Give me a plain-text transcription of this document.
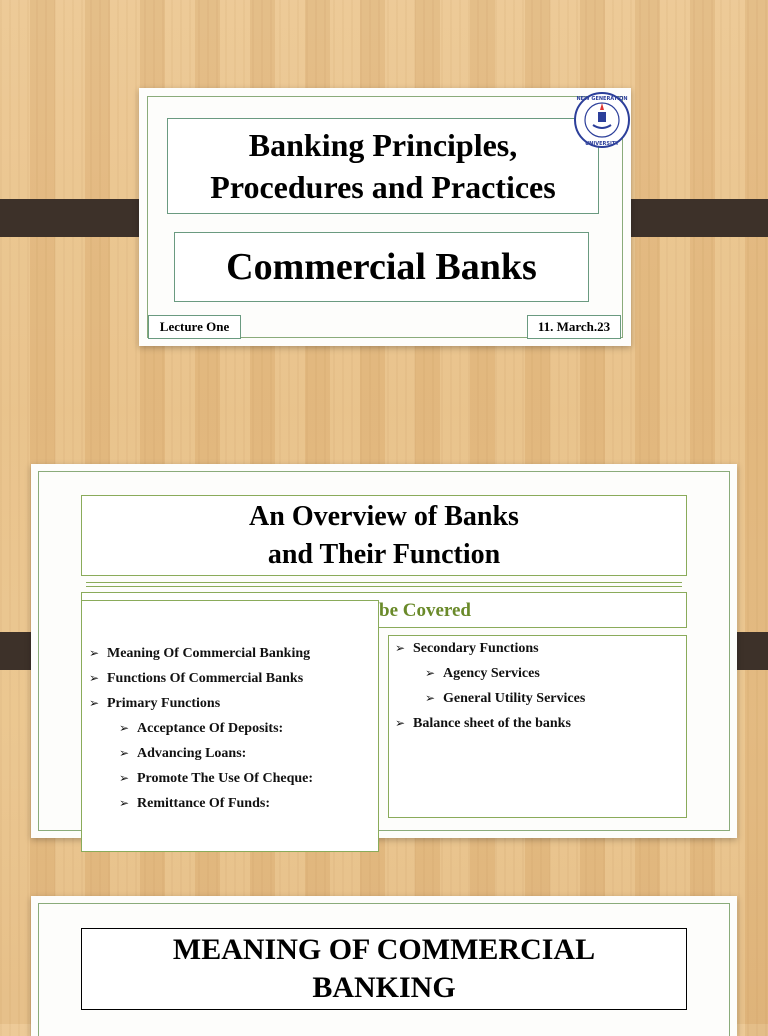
Banking Principles, Procedures and Practices
Commercial Banks
Lecture One	11. March.23
NEW GENERATION
UNIVERSITY
An Overview of Banks and Their Function
be Covered
➢ Secondary Functions
➢ Agency Services
➢ General Utility Services
➢ Balance sheet of the banks
➢ Meaning Of Commercial Banking
➢ Functions Of Commercial Banks
➢ Primary Functions
➢ Acceptance Of Deposits:
➢ Advancing Loans:
➢ Promote The Use Of Cheque:
➢ Remittance Of Funds:
MEANING OF COMMERCIAL BANKING
